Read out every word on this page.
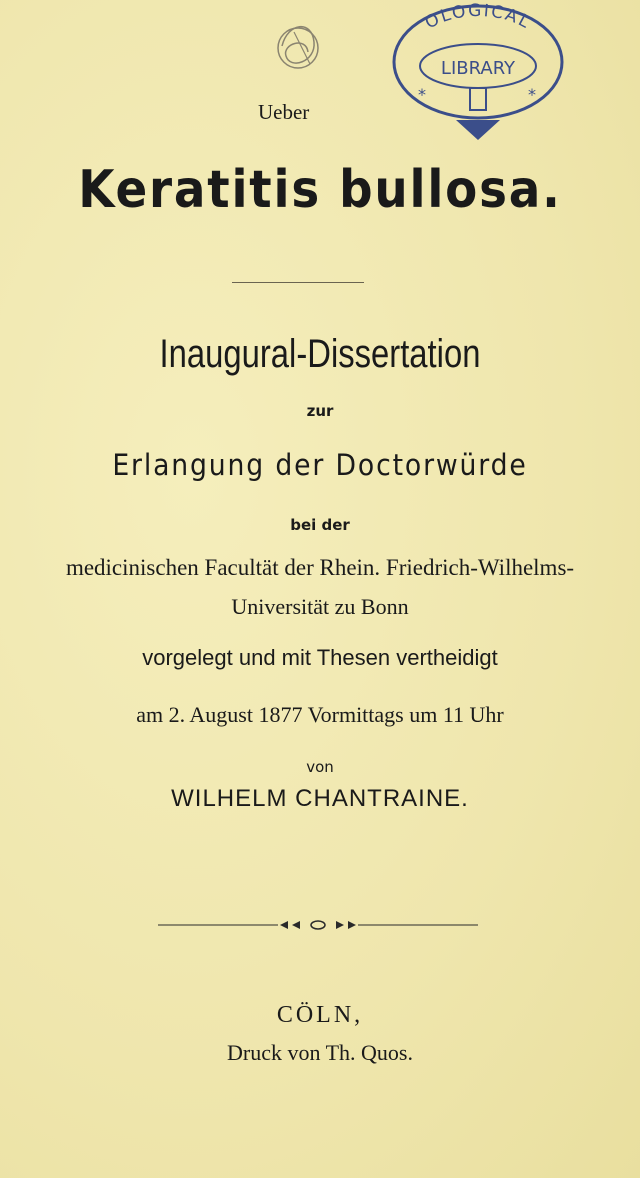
OLOGICAL
LIBRARY
*	*
Ueber
Keratitis bullosa.
Inaugural-Dissertation
zur
Erlangung der Doctorwürde
bei der
medicinischen Facultät der Rhein. Friedrich-Wilhelms-
Universität zu Bonn
vorgelegt und mit Thesen vertheidigt
am 2. August 1877 Vormittags um 11 Uhr
von
WILHELM CHANTRAINE.
CÖLN,
Druck von Th. Quos.
